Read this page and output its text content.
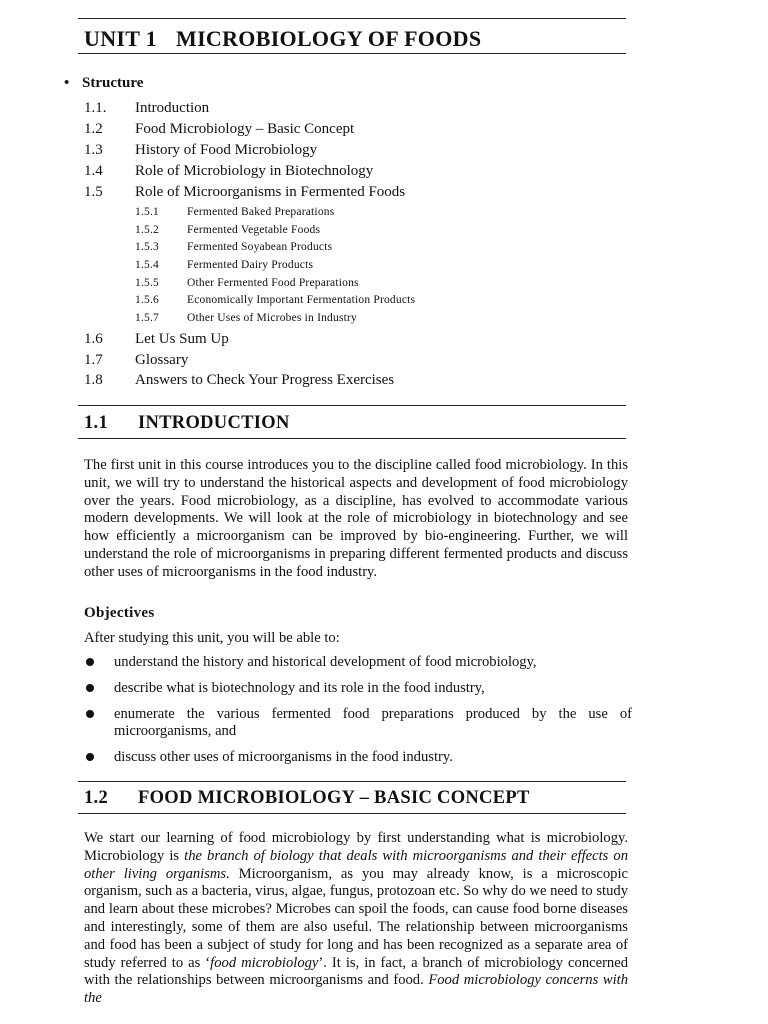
UNIT 1 MICROBIOLOGY OF FOODS
• Structure
1.1. Introduction
1.2 Food Microbiology – Basic Concept
1.3 History of Food Microbiology
1.4 Role of Microbiology in Biotechnology
1.5 Role of Microorganisms in Fermented Foods
1.5.1 Fermented Baked Preparations
1.5.2 Fermented Vegetable Foods
1.5.3 Fermented Soyabean Products
1.5.4 Fermented Dairy Products
1.5.5 Other Fermented Food Preparations
1.5.6 Economically Important Fermentation Products
1.5.7 Other Uses of Microbes in Industry
1.6 Let Us Sum Up
1.7 Glossary
1.8 Answers to Check Your Progress Exercises
1.1 INTRODUCTION

The first unit in this course introduces you to the discipline called food microbiology. In this unit, we will try to understand the historical aspects and development of food microbiology over the years. Food microbiology, as a discipline, has evolved to accommodate various modern developments. We will look at the role of microbiology in biotechnology and see how efficiently a microorganism can be improved by bio-engineering. Further, we will understand the role of microorganisms in preparing different fermented products and discuss other uses of microorganisms in the food industry.

Objectives
After studying this unit, you will be able to:
understand the history and historical development of food microbiology,
describe what is biotechnology and its role in the food industry,
enumerate the various fermented food preparations produced by the use of microorganisms, and
discuss other uses of microorganisms in the food industry.
1.2 FOOD MICROBIOLOGY – BASIC CONCEPT

We start our learning of food microbiology by first understanding what is microbiology. Microbiology is the branch of biology that deals with microorganisms and their effects on other living organisms. Microorganism, as you may already know, is a microscopic organism, such as a bacteria, virus, algae, fungus, protozoan etc. So why do we need to study and learn about these microbes? Microbes can spoil the foods, can cause food borne diseases and interestingly, some of them are also useful. The relationship between microorganisms and food has been a subject of study for long and has been recognized as a separate area of study referred to as ‘food microbiology’. It is, in fact, a branch of microbiology concerned with the relationships between microorganisms and food. Food microbiology concerns with the
